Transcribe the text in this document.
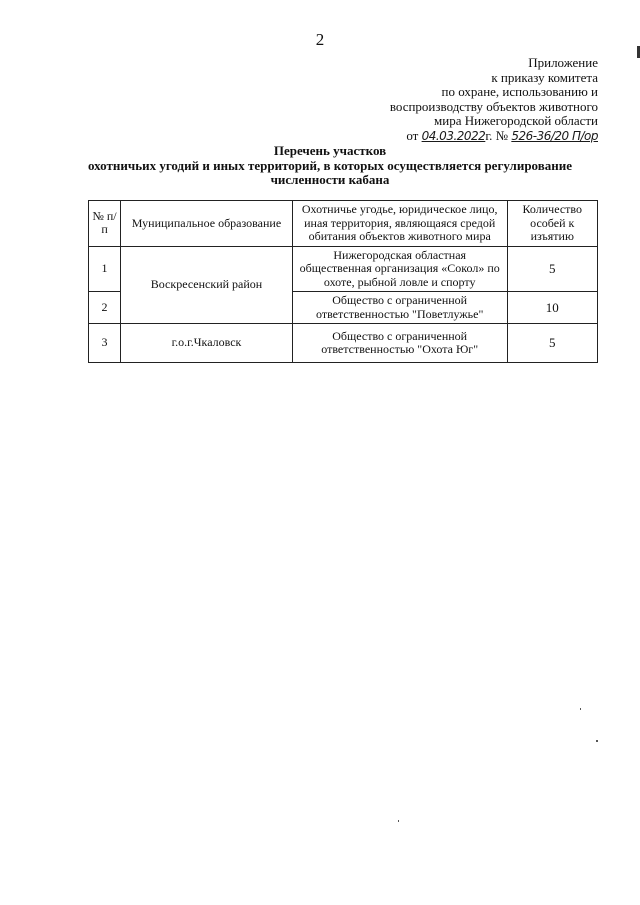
2
Приложение
к приказу комитета
по охране, использованию и
воспроизводству объектов животного
мира Нижегородской области
от 04.03.2022г. № 526-36/20 П/ор
Перечень участков
охотничьих угодий и иных территорий, в которых осуществляется регулирование
численности кабана
№ п/п	Муниципальное образование	Охотничье угодье, юридическое лицо, иная территория, являющаяся средой обитания объектов животного мира	Количество особей к изъятию
1	Воскресенский район	Нижегородская областная общественная организация «Сокол» по охоте, рыбной ловле и спорту	5
2		Общество с ограниченной ответственностью "Повeтлужье"	10
3	г.о.г.Чкаловск	Общество с ограниченной ответственностью "Охота Юг"	5
